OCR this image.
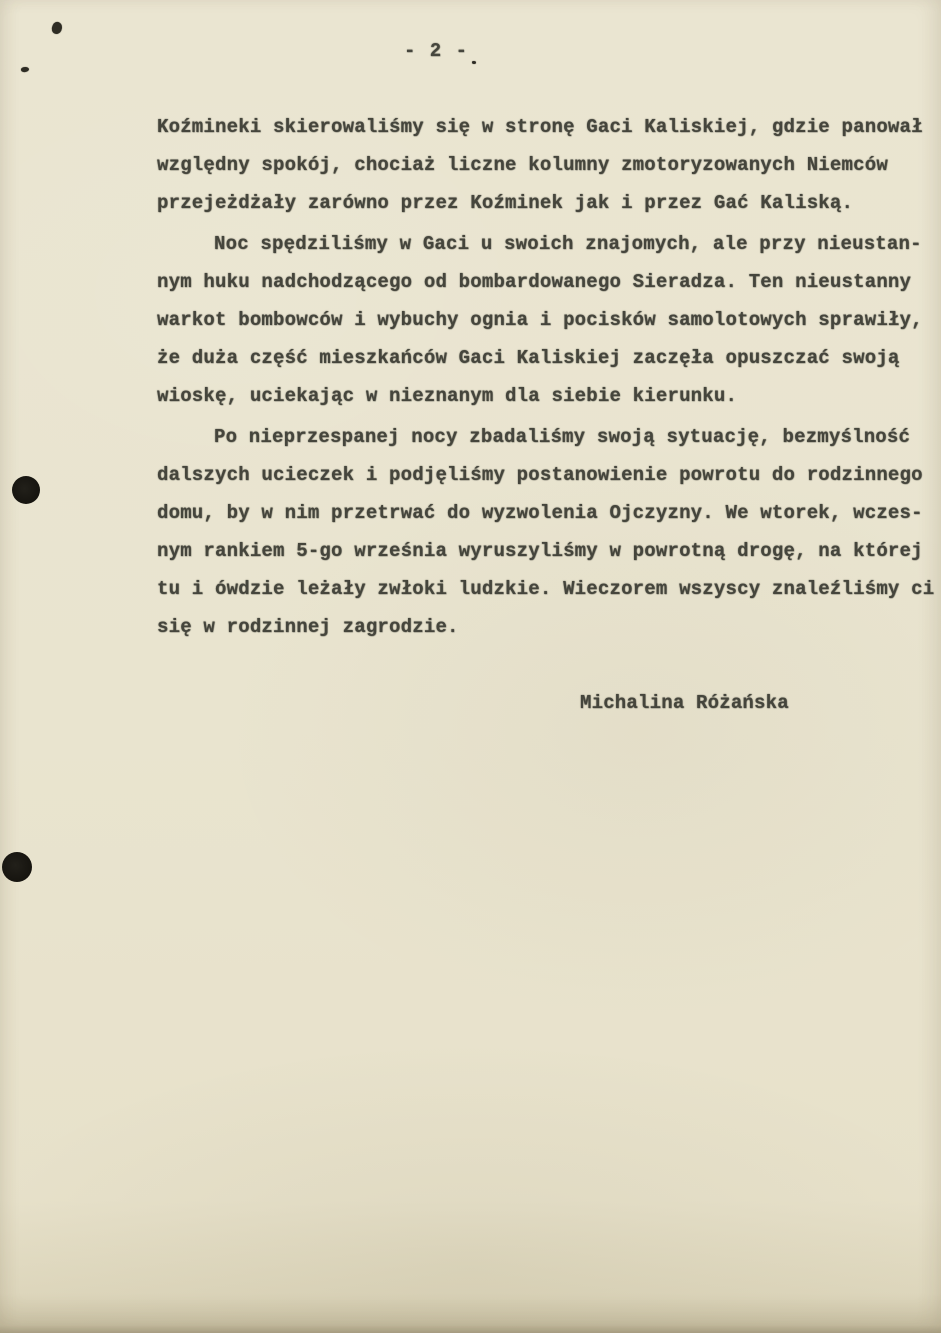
- 2 -
Koźmineki skierowaliśmy się w stronę Gaci Kaliskiej, gdzie panował
względny spokój, chociaż liczne kolumny zmotoryzowanych Niemców
przejeżdżały zarówno przez Koźminek jak i przez Gać Kaliską.
Noc spędziliśmy w Gaci u swoich znajomych, ale przy nieustan-
nym huku nadchodzącego od bombardowanego Sieradza. Ten nieustanny
warkot bombowców i wybuchy ognia i pocisków samolotowych sprawiły,
że duża część mieszkańców Gaci Kaliskiej zaczęła opuszczać swoją
wioskę, uciekając w nieznanym dla siebie kierunku.
Po nieprzespanej nocy zbadaliśmy swoją sytuację, bezmyślność
dalszych ucieczek i podjęliśmy postanowienie powrotu do rodzinnego
domu, by w nim przetrwać do wyzwolenia Ojczyzny. We wtorek, wczes-
nym rankiem 5-go września wyruszyliśmy w powrotną drogę, na której
tu i ówdzie leżały zwłoki ludzkie. Wieczorem wszyscy znaleźliśmy ci
się w rodzinnej zagrodzie.
Michalina Różańska
